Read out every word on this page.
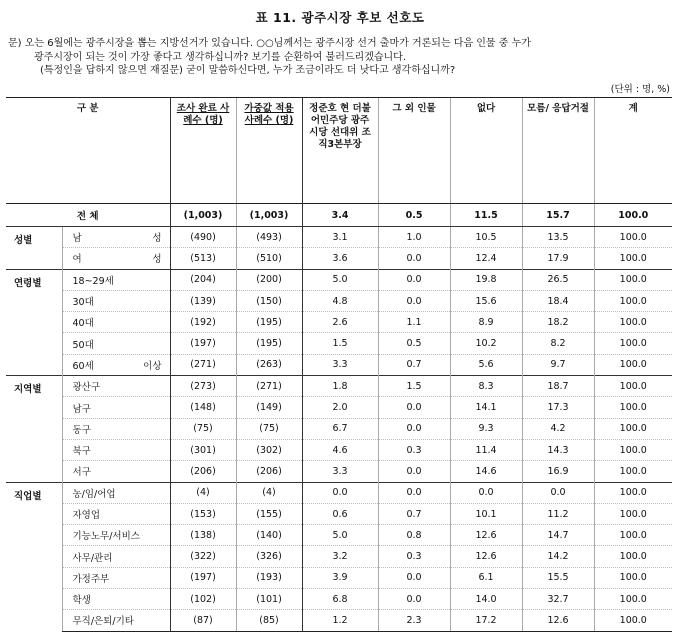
표 11. 광주시장 후보 선호도
문) 오는 6월에는 광주시장을 뽑는 지방선거가 있습니다. ○○님께서는 광주시장 선거 출마가 거론되는 다음 인물 중 누가
광주시장이 되는 것이 가장 좋다고 생각하십니까? 보기를 순환하여 불러드리겠습니다.
(특정인을 답하지 않으면 재질문) 굳이 말씀하신다면, 누가 조금이라도 더 낫다고 생각하십니까?
(단위 : 명, %)
구 분		조사 완료 사례수 (명)	가중값 적용 사례수 (명)	정준호 현 더불어민주당 광주시당 선대위 조직3본부장	그 외 인물	없다	모름/ 응답거절	계
전 체		(1,003)	(1,003)	3.4	0.5	11.5	15.7	100.0
성별	남 성	(490)	(493)	3.1	1.0	10.5	13.5	100.0
	여 성	(513)	(510)	3.6	0.0	12.4	17.9	100.0
연령별	18~29세	(204)	(200)	5.0	0.0	19.8	26.5	100.0
	30대	(139)	(150)	4.8	0.0	15.6	18.4	100.0
	40대	(192)	(195)	2.6	1.1	8.9	18.2	100.0
	50대	(197)	(195)	1.5	0.5	10.2	8.2	100.0
	60세 이상	(271)	(263)	3.3	0.7	5.6	9.7	100.0
지역별	광산구	(273)	(271)	1.8	1.5	8.3	18.7	100.0
	남구	(148)	(149)	2.0	0.0	14.1	17.3	100.0
	동구	(75)	(75)	6.7	0.0	9.3	4.2	100.0
	북구	(301)	(302)	4.6	0.3	11.4	14.3	100.0
	서구	(206)	(206)	3.3	0.0	14.6	16.9	100.0
직업별	농/임/어업	(4)	(4)	0.0	0.0	0.0	0.0	100.0
	자영업	(153)	(155)	0.6	0.7	10.1	11.2	100.0
	기능노무/서비스	(138)	(140)	5.0	0.8	12.6	14.7	100.0
	사무/관리	(322)	(326)	3.2	0.3	12.6	14.2	100.0
	가정주부	(197)	(193)	3.9	0.0	6.1	15.5	100.0
	학생	(102)	(101)	6.8	0.0	14.0	32.7	100.0
	무직/은퇴/기타	(87)	(85)	1.2	2.3	17.2	12.6	100.0
